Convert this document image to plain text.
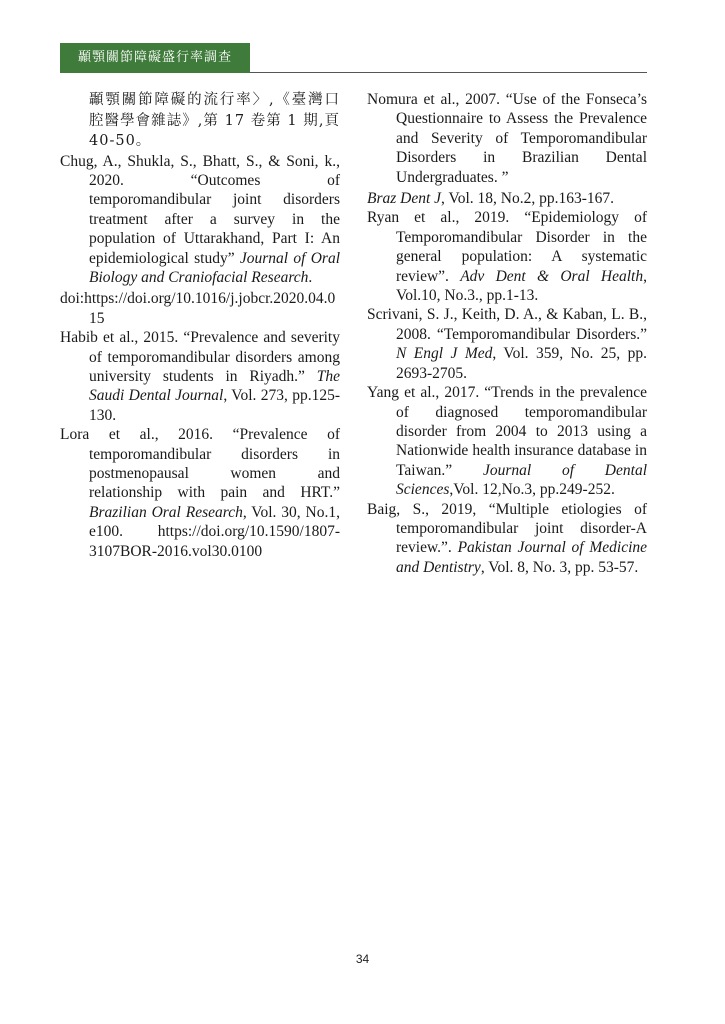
顳顎關節障礙盛行率調查

顳顎關節障礙的流行率〉,《臺灣口腔醫學會雜誌》,第 17 卷第 1 期,頁 40-50。

Chug, A., Shukla, S., Bhatt, S., & Soni, k., 2020. “Outcomes of temporomandibular joint disorders treatment after a survey in the population of Uttarakhand, Part I: An epidemiological study” Journal of Oral Biology and Craniofacial Research.
doi:https://doi.org/10.1016/j.jobcr.2020.04.015

Habib et al., 2015. “Prevalence and severity of temporomandibular disorders among university students in Riyadh.” The Saudi Dental Journal, Vol. 273, pp.125-130.

Lora et al., 2016. “Prevalence of temporomandibular disorders in postmenopausal women and relationship with pain and HRT.” Brazilian Oral Research, Vol. 30, No.1, e100. https://doi.org/10.1590/1807-3107BOR-2016.vol30.0100

Nomura et al., 2007. “Use of the Fonseca’s Questionnaire to Assess the Prevalence and Severity of Temporomandibular Disorders in Brazilian Dental Undergraduates. ”
Braz Dent J, Vol. 18, No.2, pp.163-167.

Ryan et al., 2019. “Epidemiology of Temporomandibular Disorder in the general population: A systematic review”. Adv Dent & Oral Health, Vol.10, No.3., pp.1-13.

Scrivani, S. J., Keith, D. A., & Kaban, L. B., 2008. “Temporomandibular Disorders.” N Engl J Med, Vol. 359, No. 25, pp. 2693-2705.

Yang et al., 2017. “Trends in the prevalence of diagnosed temporomandibular disorder from 2004 to 2013 using a Nationwide health insurance database in Taiwan.” Journal of Dental Sciences,Vol. 12,No.3, pp.249-252.

Baig, S., 2019, “Multiple etiologies of temporomandibular joint disorder-A review.”. Pakistan Journal of Medicine and Dentistry, Vol. 8, No. 3, pp. 53-57.

34
